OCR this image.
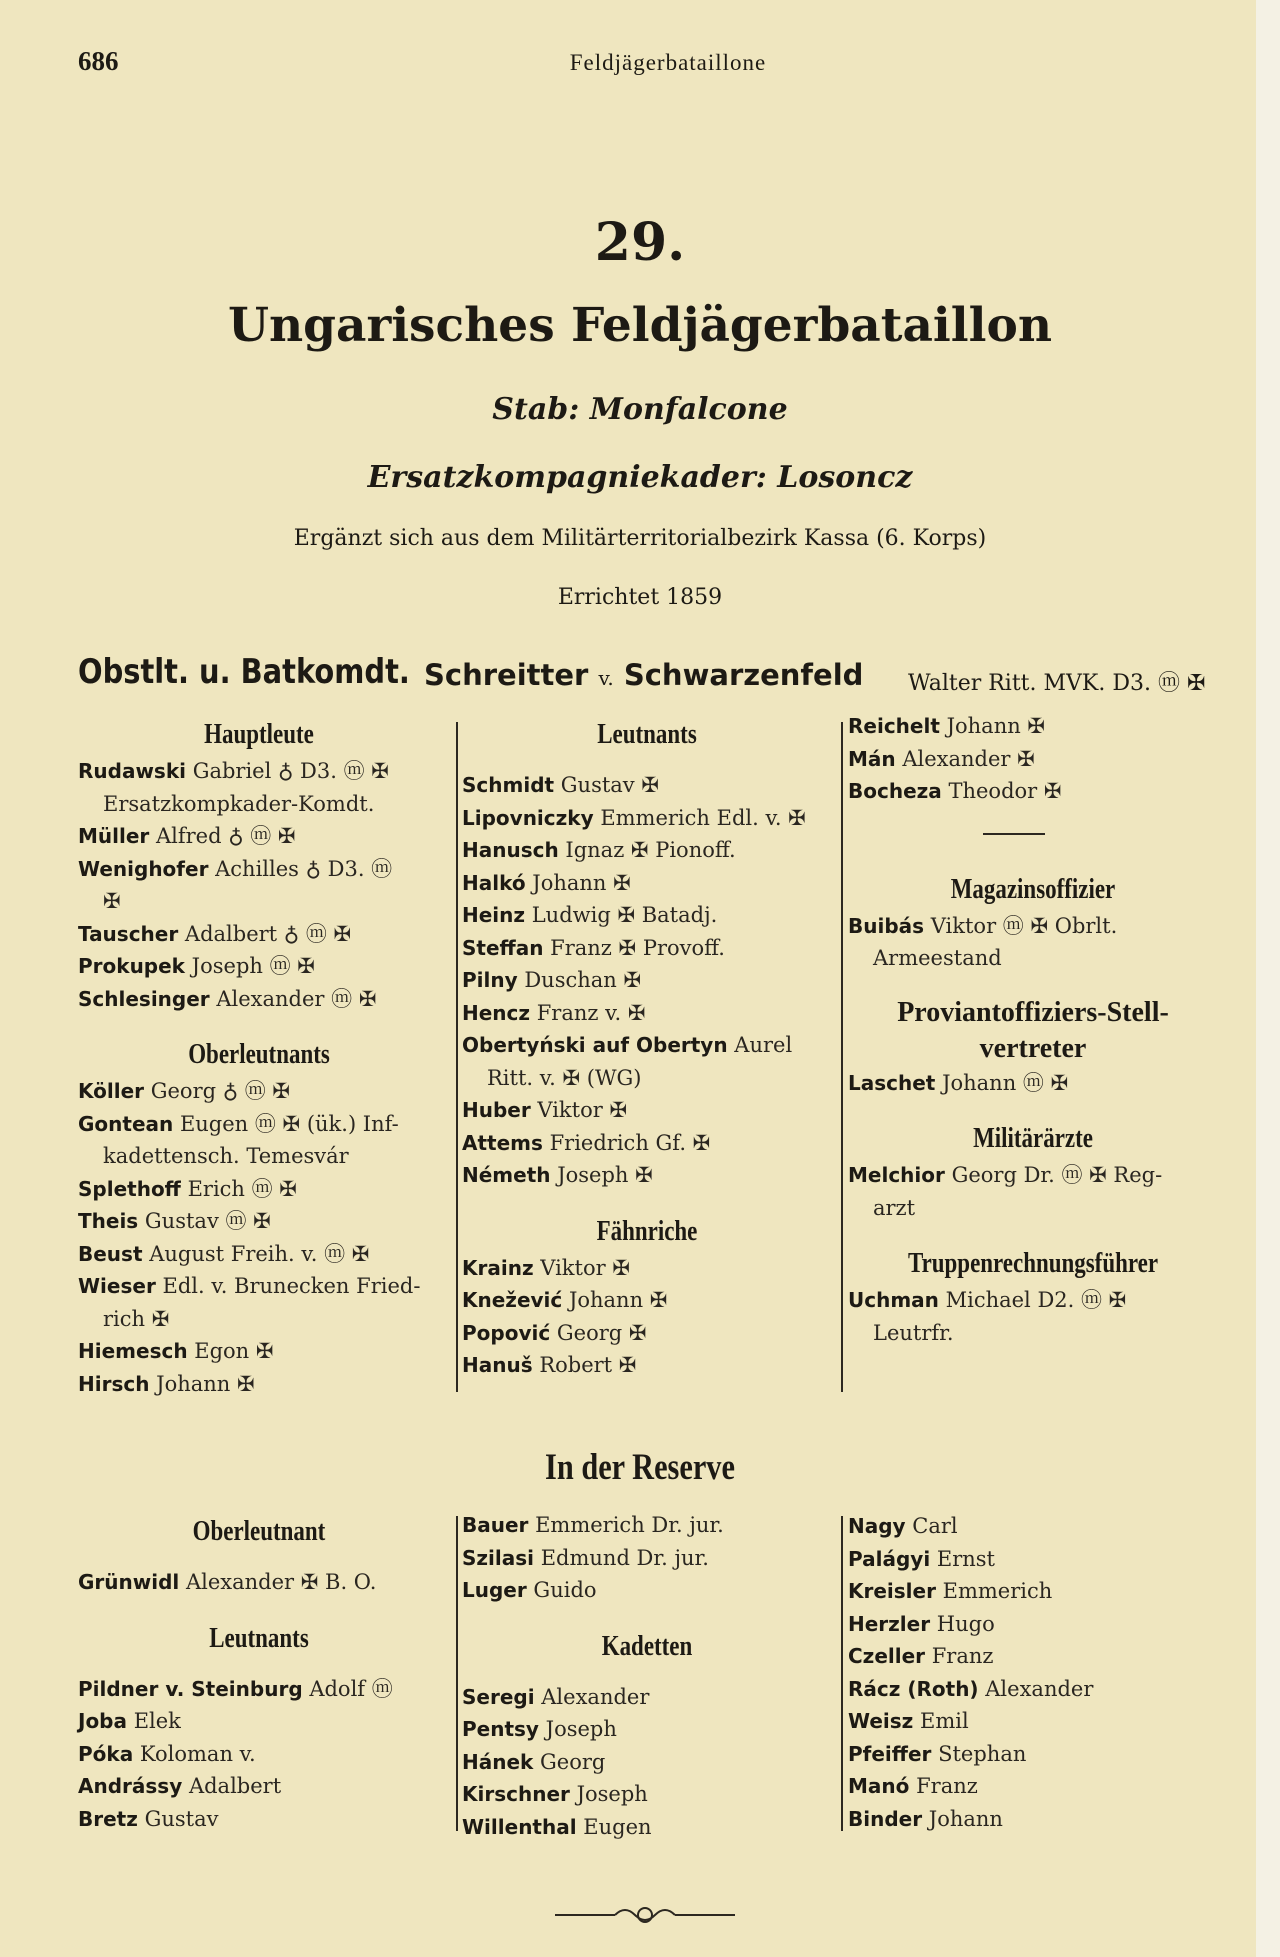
686	Feldjägerbataillone
29.
Ungarisches Feldjägerbataillon
Stab: Monfalcone
Ersatzkompagniekader: Losoncz
Ergänzt sich aus dem Militärterritorialbezirk Kassa (6. Korps)
Errichtet 1859
Obstlt. u. Batkomdt. Schreitter v. Schwarzenfeld Walter Ritt. MVK. D3. ⓜ ✠
Hauptleute
Rudawski Gabriel ♁ D3. ⓜ ✠
Ersatzkompkader-Komdt.
Müller Alfred ♁ ⓜ ✠
Wenighofer Achilles ♁ D3. ⓜ
✠
Tauscher Adalbert ♁ ⓜ ✠
Prokupek Joseph ⓜ ✠
Schlesinger Alexander ⓜ ✠
Oberleutnants
Köller Georg ♁ ⓜ ✠
Gontean Eugen ⓜ ✠ (ük.) Inf-
kadettensch. Temesvár
Splethoff Erich ⓜ ✠
Theis Gustav ⓜ ✠
Beust August Freih. v. ⓜ ✠
Wieser Edl. v. Brunecken Fried-
rich ✠
Hiemesch Egon ✠
Hirsch Johann ✠
Leutnants
Schmidt Gustav ✠
Lipovniczky Emmerich Edl. v. ✠
Hanusch Ignaz ✠ Pionoff.
Halkó Johann ✠
Heinz Ludwig ✠ Batadj.
Steffan Franz ✠ Provoff.
Pilny Duschan ✠
Hencz Franz v. ✠
Obertyński auf Obertyn Aurel
Ritt. v. ✠ (WG)
Huber Viktor ✠
Attems Friedrich Gf. ✠
Németh Joseph ✠
Fähnriche
Krainz Viktor ✠
Knežević Johann ✠
Popović Georg ✠
Hanuš Robert ✠
Reichelt Johann ✠
Mán Alexander ✠
Bocheza Theodor ✠
Magazinsoffizier
Buibás Viktor ⓜ ✠ Obrlt.
Armeestand
Proviantoffiziers-Stell-
vertreter
Laschet Johann ⓜ ✠
Militärärzte
Melchior Georg Dr. ⓜ ✠ Reg-
arzt
Truppenrechnungsführer
Uchman Michael D2. ⓜ ✠
Leutrfr.
In der Reserve
Oberleutnant
Grünwidl Alexander ✠ B. O.
Leutnants
Pildner v. Steinburg Adolf ⓜ
Joba Elek
Póka Koloman v.
Andrássy Adalbert
Bretz Gustav
Bauer Emmerich Dr. jur.
Szilasi Edmund Dr. jur.
Luger Guido
Kadetten
Seregi Alexander
Pentsy Joseph
Hánek Georg
Kirschner Joseph
Willenthal Eugen
Nagy Carl
Palágyi Ernst
Kreisler Emmerich
Herzler Hugo
Czeller Franz
Rácz (Roth) Alexander
Weisz Emil
Pfeiffer Stephan
Manó Franz
Binder Johann
